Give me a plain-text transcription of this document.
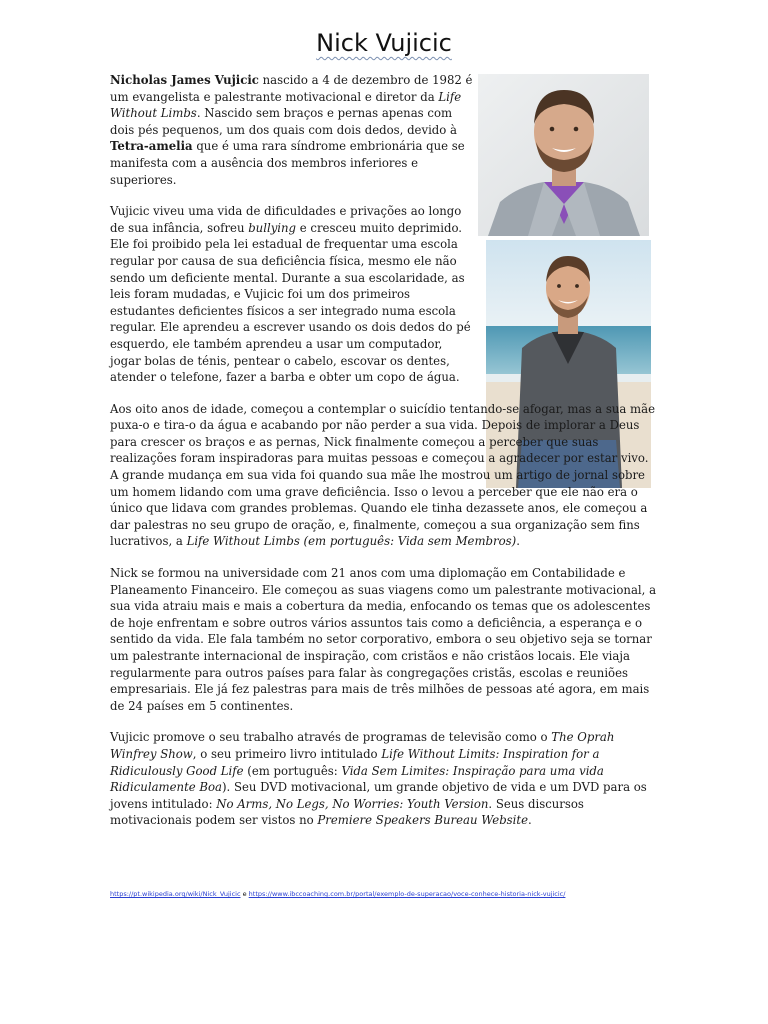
Nick Vujicic

Nicholas James Vujicic nascido a 4 de dezembro de 1982 é um evangelista e palestrante motivacional e diretor da Life Without Limbs. Nascido sem braços e pernas apenas com dois pés pequenos, um dos quais com dois dedos, devido à Tetra-amelia que é uma rara síndrome embrionária que se manifesta com a ausência dos membros inferiores e superiores.

Vujicic viveu uma vida de dificuldades e privações ao longo de sua infância, sofreu bullying e cresceu muito deprimido. Ele foi proibido pela lei estadual de frequentar uma escola regular por causa de sua deficiência física, mesmo ele não sendo um deficiente mental. Durante a sua escolaridade, as leis foram mudadas, e Vujicic foi um dos primeiros estudantes deficientes físicos a ser integrado numa escola regular. Ele aprendeu a escrever usando os dois dedos do pé esquerdo, ele também aprendeu a usar um computador, jogar bolas de ténis, pentear o cabelo, escovar os dentes, atender o telefone, fazer a barba e obter um copo de água.

Aos oito anos de idade, começou a contemplar o suicídio tentando-se afogar, mas a sua mãe puxa-o e tira-o da água e acabando por não perder a sua vida. Depois de implorar a Deus para crescer os braços e as pernas, Nick finalmente começou a perceber que suas realizações foram inspiradoras para muitas pessoas e começou a agradecer por estar vivo. A grande mudança em sua vida foi quando sua mãe lhe mostrou um artigo de jornal sobre um homem lidando com uma grave deficiência. Isso o levou a perceber que ele não era o único que lidava com grandes problemas. Quando ele tinha dezassete anos, ele começou a dar palestras no seu grupo de oração, e, finalmente, começou a sua organização sem fins lucrativos, a Life Without Limbs (em português: Vida sem Membros).

Nick se formou na universidade com 21 anos com uma diplomação em Contabilidade e Planeamento Financeiro. Ele começou as suas viagens como um palestrante motivacional, a sua vida atraiu mais e mais a cobertura da media, enfocando os temas que os adolescentes de hoje enfrentam e sobre outros vários assuntos tais como a deficiência, a esperança e o sentido da vida. Ele fala também no setor corporativo, embora o seu objetivo seja se tornar um palestrante internacional de inspiração, com cristãos e não cristãos locais. Ele viaja regularmente para outros países para falar às congregações cristãs, escolas e reuniões empresariais. Ele já fez palestras para mais de três milhões de pessoas até agora, em mais de 24 países em 5 continentes.

Vujicic promove o seu trabalho através de programas de televisão como o The Oprah Winfrey Show, o seu primeiro livro intitulado Life Without Limits: Inspiration for a Ridiculously Good Life (em português: Vida Sem Limites: Inspiração para uma vida Ridiculamente Boa). Seu DVD motivacional, um grande objetivo de vida e um DVD para os jovens intitulado: No Arms, No Legs, No Worries: Youth Version. Seus discursos motivacionais podem ser vistos no Premiere Speakers Bureau Website.

https://pt.wikipedia.org/wiki/Nick_Vujicic e https://www.ibccoaching.com.br/portal/exemplo-de-superacao/voce-conhece-historia-nick-vujicic/
